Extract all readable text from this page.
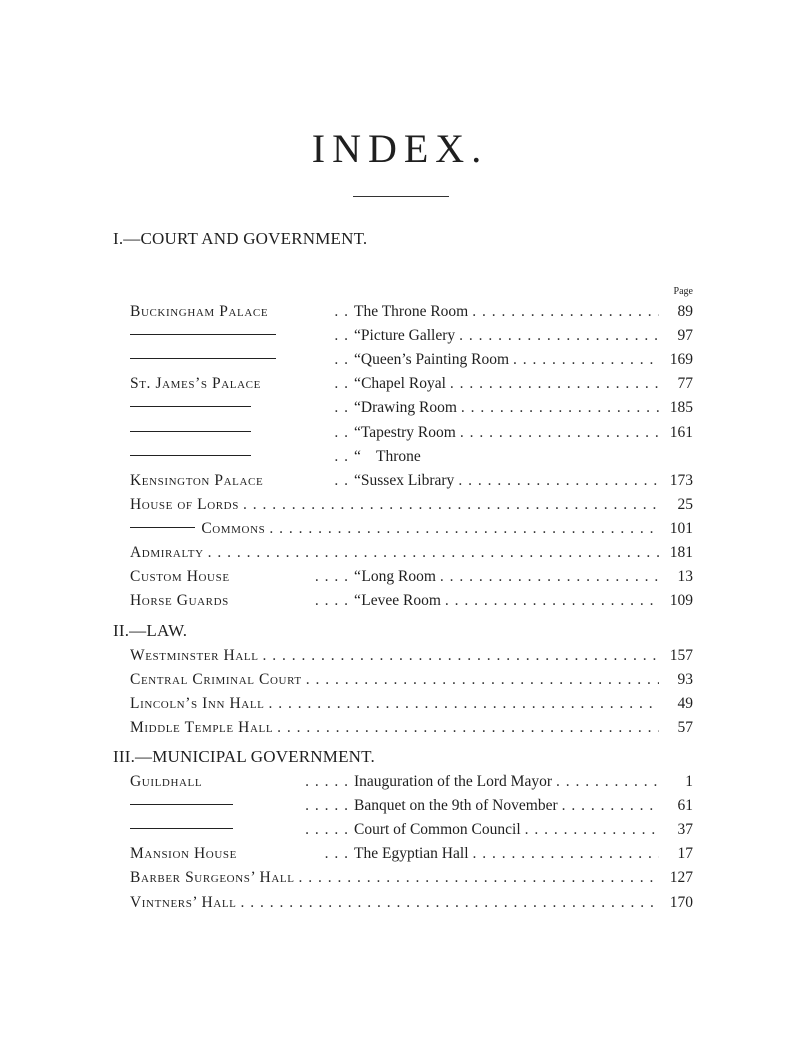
INDEX.
Page
I.—COURT AND GOVERNMENT.
Buckingham Palace	. . The Throne Room . . .	89
. . “ Picture Gallery . . .	97
. . “ Queen’s Painting Room . . .	169
St. James’s Palace	. . “ Chapel Royal . . .	77
. . “ Drawing Room . . .	185
. . “ Tapestry Room . . .	161
. . “ Throne
Kensington Palace	. . “ Sussex Library . . .	173
House of Lords . . .	25
Commons . . .	101
Admiralty . . .	181
Custom House	. . . . “ Long Room . . .	13
Horse Guards	. . . . “ Levee Room . . .	109
II.—LAW.
Westminster Hall . . .	157
Central Criminal Court . . .	93
Lincoln’s Inn Hall . . .	49
Middle Temple Hall . . .	57
III.—MUNICIPAL GOVERNMENT.
Guildhall	. . . . . Inauguration of the Lord Mayor . . .	1
. . . . . Banquet on the 9th of November . . .	61
. . . . . Court of Common Council . . .	37
Mansion House	. . . The Egyptian Hall . . .	17
Barber Surgeons’ Hall . . .	127
Vintners’ Hall . . .	170
